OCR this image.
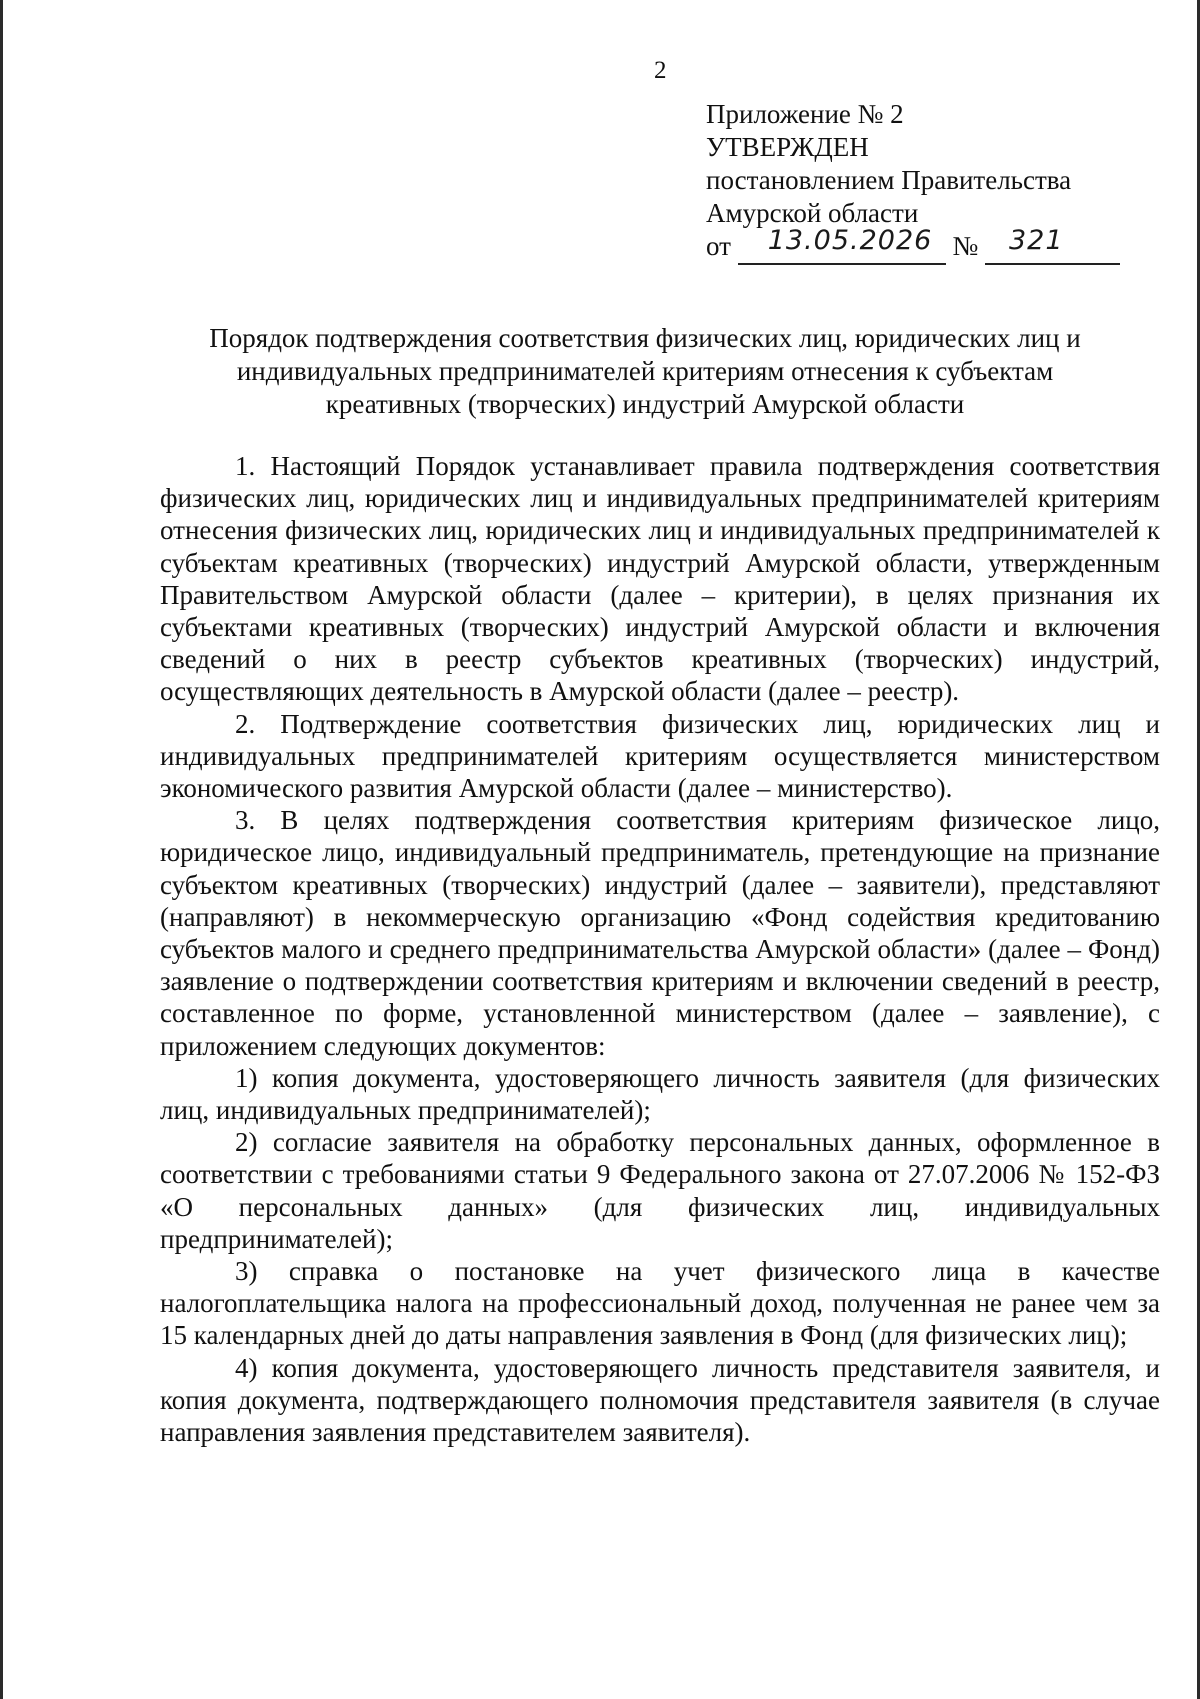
2
Приложение № 2
УТВЕРЖДЕН
постановлением Правительства
Амурской области
от 13.05.2026 № 321
Порядок подтверждения соответствия физических лиц, юридических лиц и
индивидуальных предпринимателей критериям отнесения к субъектам
креативных (творческих) индустрий Амурской области

1. Настоящий Порядок устанавливает правила подтверждения соответствия физических лиц, юридических лиц и индивидуальных предпринимателей критериям отнесения физических лиц, юридических лиц и индивидуальных предпринимателей к субъектам креативных (творческих) индустрий Амурской области, утвержденным Правительством Амурской области (далее – критерии), в целях признания их субъектами креативных (творческих) индустрий Амурской области и включения сведений о них в реестр субъектов креативных (творческих) индустрий, осуществляющих деятельность в Амурской области (далее – реестр).

2. Подтверждение соответствия физических лиц, юридических лиц и индивидуальных предпринимателей критериям осуществляется министерством экономического развития Амурской области (далее – министерство).

3. В целях подтверждения соответствия критериям физическое лицо, юридическое лицо, индивидуальный предприниматель, претендующие на признание субъектом креативных (творческих) индустрий (далее – заявители), представляют (направляют) в некоммерческую организацию «Фонд содействия кредитованию субъектов малого и среднего предпринимательства Амурской области» (далее – Фонд) заявление о подтверждении соответствия критериям и включении сведений в реестр, составленное по форме, установленной министерством (далее – заявление), с приложением следующих документов:

1) копия документа, удостоверяющего личность заявителя (для физических лиц, индивидуальных предпринимателей);

2) согласие заявителя на обработку персональных данных, оформленное в соответствии с требованиями статьи 9 Федерального закона от 27.07.2006 № 152-ФЗ «О персональных данных» (для физических лиц, индивидуальных предпринимателей);

3) справка о постановке на учет физического лица в качестве налогоплательщика налога на профессиональный доход, полученная не ранее чем за 15 календарных дней до даты направления заявления в Фонд (для физических лиц);

4) копия документа, удостоверяющего личность представителя заявителя, и копия документа, подтверждающего полномочия представителя заявителя (в случае направления заявления представителем заявителя).
